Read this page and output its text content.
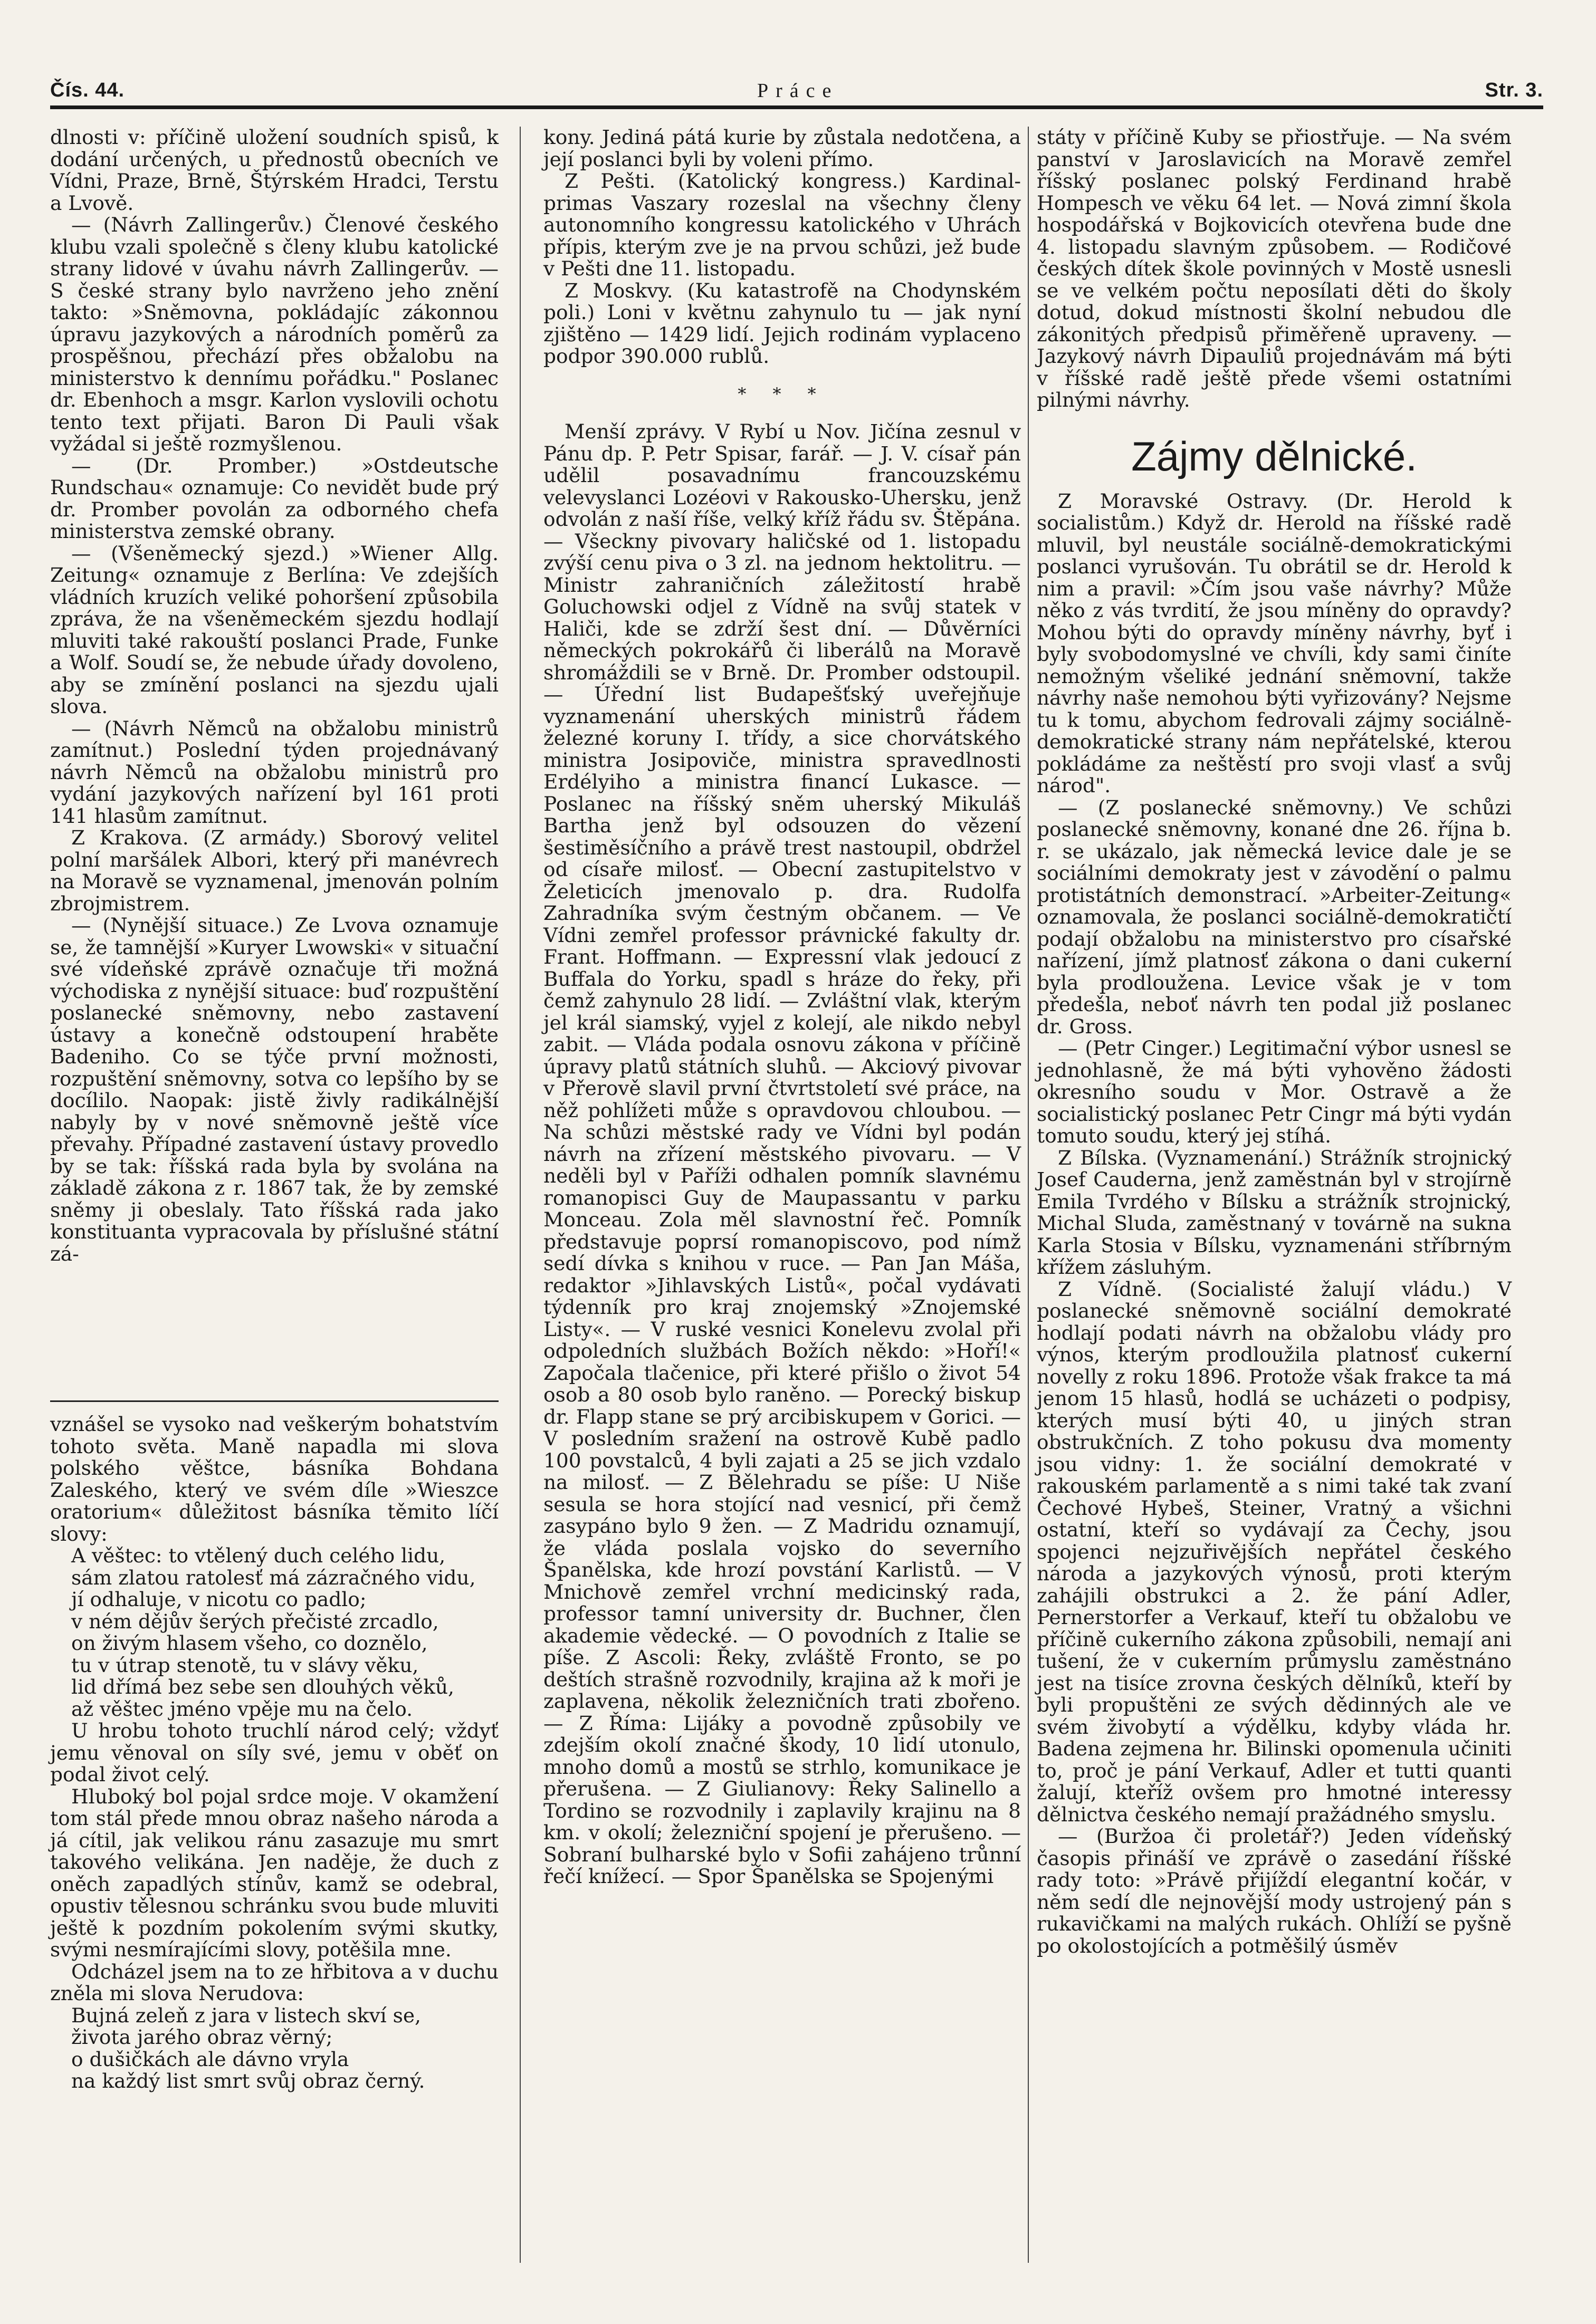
Čís. 44.	Práce	Str. 3.

dlnosti v: příčině uložení soudních spisů, k dodání určených, u přednostů obecních ve Vídni, Praze, Brně, Štýrském Hradci, Terstu a Lvově.

— (Návrh Zallingerův.) Členové českého klubu vzali společně s členy klubu katolické strany lidové v úvahu návrh Zallingerův. — S české strany bylo navrženo jeho znění takto: »Sněmovna, pokládajíc zákonnou úpravu jazykových a národních poměrů za prospěšnou, přechází přes obžalobu na ministerstvo k dennímu pořádku." Poslanec dr. Ebenhoch a msgr. Karlon vyslovili ochotu tento text přijati. Baron Di Pauli však vyžádal si ještě rozmyšlenou.

— (Dr. Promber.) »Ostdeutsche Rundschau« oznamuje: Co nevidět bude prý dr. Promber povolán za odborného chefa ministerstva zemské obrany.

— (Všeněmecký sjezd.) »Wiener Allg. Zeitung« oznamuje z Berlína: Ve zdejších vládních kruzích veliké pohoršení způsobila zpráva, že na všeněmeckém sjezdu hodlají mluviti také rakouští poslanci Prade, Funke a Wolf. Soudí se, že nebude úřady dovoleno, aby se zmínění poslanci na sjezdu ujali slova.

— (Návrh Němců na obžalobu ministrů zamítnut.) Poslední týden projednávaný návrh Němců na obžalobu ministrů pro vydání jazykových nařízení byl 161 proti 141 hlasům zamítnut.

Z Krakova. (Z armády.) Sborový velitel polní maršálek Albori, který při manévrech na Moravě se vyznamenal, jmenován polním zbrojmistrem.

— (Nynější situace.) Ze Lvova oznamuje se, že tamnější »Kuryer Lwowski« v situační své vídeňské zprávě označuje tři možná východiska z nynější situace: buď rozpuštění poslanecké sněmovny, nebo zastavení ústavy a konečně odstoupení hraběte Badeniho. Co se týče první možnosti, rozpuštění sněmovny, sotva co lepšího by se docílilo. Naopak: jistě živly radikálnější nabyly by v nové sněmovně ještě více převahy. Případné zastavení ústavy provedlo by se tak: říšská rada byla by svolána na základě zákona z r. 1867 tak, že by zemské sněmy ji obeslaly. Tato říšská rada jako konstituanta vypracovala by příslušné státní zá-

vznášel se vysoko nad veškerým bohatstvím tohoto světa. Maně napadla mi slova polského věštce, básníka Bohdana Zaleského, který ve svém díle »Wieszce oratorium« důležitost básníka těmito líčí slovy:

A věštec: to vtělený duch celého lidu,
sám zlatou ratolesť má zázračného vidu,
jí odhaluje, v nicotu co padlo;
v ném dějův šerých přečisté zrcadlo,
on živým hlasem všeho, co doznělo,
tu v útrap stenotě, tu v slávy věku,
lid dřímá bez sebe sen dlouhých věků,
až věštec jméno vpěje mu na čelo.

U hrobu tohoto truchlí národ celý; vždyť jemu věnoval on síly své, jemu v oběť on podal život celý.

Hluboký bol pojal srdce moje. V okamžení tom stál přede mnou obraz našeho národa a já cítil, jak velikou ránu zasazuje mu smrt takového velikána. Jen naděje, že duch z oněch zapadlých stínův, kamž se odebral, opustiv tělesnou schránku svou bude mluviti ještě k pozdním pokolením svými skutky, svými nesmírajícími slovy, potěšila mne.

Odcházel jsem na to ze hřbitova a v duchu zněla mi slova Nerudova:

Bujná zeleň z jara v listech skví se,
života jarého obraz věrný;
o dušičkách ale dávno vryla
na každý list smrt svůj obraz černý.

kony. Jediná pátá kurie by zůstala nedotčena, a její poslanci byli by voleni přímo.

Z Pešti. (Katolický kongress.) Kardinal-primas Vaszary rozeslal na všechny členy autonomního kongressu katolického v Uhrách přípis, kterým zve je na prvou schůzi, jež bude v Pešti dne 11. listopadu.

Z Moskvy. (Ku katastrofě na Chodynském poli.) Loni v květnu zahynulo tu — jak nyní zjištěno — 1429 lidí. Jejich rodinám vyplaceno podpor 390.000 rublů.

* * *

Menší zprávy. V Rybí u Nov. Jičína zesnul v Pánu dp. P. Petr Spisar, farář. — J. V. císař pán udělil posavadnímu francouzskému velevyslanci Lozéovi v Rakousko-Uhersku, jenž odvolán z naší říše, velký kříž řádu sv. Štěpána. — Všeckny pivovary haličské od 1. listopadu zvýší cenu piva o 3 zl. na jednom hektolitru. — Ministr zahraničních záležitostí hrabě Goluchowski odjel z Vídně na svůj statek v Haliči, kde se zdrží šest dní. — Důvěrníci německých pokrokářů či liberálů na Moravě shromáždili se v Brně. Dr. Promber odstoupil. — Úřední list Budapešťský uveřejňuje vyznamenání uherských ministrů řádem železné koruny I. třídy, a sice chorvátského ministra Josipoviče, ministra spravedlnosti Erdélyiho a ministra financí Lukasce. — Poslanec na říšský sněm uherský Mikuláš Bartha jenž byl odsouzen do vězení šestiměsíčního a právě trest nastoupil, obdržel od císaře milosť. — Obecní zastupitelstvo v Želeticích jmenovalo p. dra. Rudolfa Zahradníka svým čestným občanem. — Ve Vídni zemřel professor právnické fakulty dr. Frant. Hoffmann. — Expressní vlak jedoucí z Buffala do Yorku, spadl s hráze do řeky, při čemž zahynulo 28 lidí. — Zvláštní vlak, kterým jel král siamský, vyjel z kolejí, ale nikdo nebyl zabit. — Vláda podala osnovu zákona v příčině úpravy platů státních sluhů. — Akciový pivovar v Přerově slavil první čtvrtstoletí své práce, na něž pohlížeti může s opravdovou chloubou. — Na schůzi městské rady ve Vídni byl podán návrh na zřízení městského pivovaru. — V neděli byl v Paříži odhalen pomník slavnému romanopisci Guy de Maupassantu v parku Monceau. Zola měl slavnostní řeč. Pomník představuje poprsí romanopiscovo, pod nímž sedí dívka s knihou v ruce. — Pan Jan Máša, redaktor »Jihlavských Listů«, počal vydávati týdenník pro kraj znojemský »Znojemské Listy«. — V ruské vesnici Konelevu zvolal při odpoledních službách Božích někdo: »Hoří!« Započala tlačenice, při které přišlo o život 54 osob a 80 osob bylo raněno. — Porecký biskup dr. Flapp stane se prý arcibiskupem v Gorici. — V posledním sražení na ostrově Kubě padlo 100 povstalců, 4 byli zajati a 25 se jich vzdalo na milosť. — Z Bělehradu se píše: U Niše sesula se hora stojící nad vesnicí, při čemž zasypáno bylo 9 žen. — Z Madridu oznamují, že vláda poslala vojsko do severního Španělska, kde hrozí povstání Karlistů. — V Mnichově zemřel vrchní medicinský rada, professor tamní university dr. Buchner, člen akademie vědecké. — O povodních z Italie se píše. Z Ascoli: Řeky, zvláště Fronto, se po deštích strašně rozvodnily, krajina až k moři je zaplavena, několik železničních trati zbořeno. — Z Říma: Lijáky a povodně způsobily ve zdejším okolí značné škody, 10 lidí utonulo, mnoho domů a mostů se strhlo, komunikace je přerušena. — Z Giulianovy: Řeky Salinello a Tordino se rozvodnily i zaplavily krajinu na 8 km. v okolí; železniční spojení je přerušeno. — Sobraní bulharské bylo v Sofii zahájeno trůnní řečí knížecí. — Spor Španělska se Spojenými

státy v příčině Kuby se přiostřuje. — Na svém panství v Jaroslavicích na Moravě zemřel říšský poslanec polský Ferdinand hrabě Hompesch ve věku 64 let. — Nová zimní škola hospodářská v Bojkovicích otevřena bude dne 4. listopadu slavným způsobem. — Rodičové českých dítek škole povinných v Mostě usnesli se ve velkém počtu neposílati děti do školy dotud, dokud místnosti školní nebudou dle zákonitých předpisů přiměřeně upraveny. — Jazykový návrh Dipauliů projednávám má býti v říšské radě ještě přede všemi ostatními pilnými návrhy.

Zájmy dělnické.

Z Moravské Ostravy. (Dr. Herold k socialistům.) Když dr. Herold na říšské radě mluvil, byl neustále sociálně-demokratickými poslanci vyrušován. Tu obrátil se dr. Herold k nim a pravil: »Čím jsou vaše návrhy? Může něko z vás tvrdití, že jsou míněny do opravdy? Mohou býti do opravdy míněny návrhy, byť i byly svobodomyslné ve chvíli, kdy sami činíte nemožným všeliké jednání sněmovní, takže návrhy naše nemohou býti vyřizovány? Nejsme tu k tomu, abychom fedrovali zájmy sociálně-demokratické strany nám nepřátelské, kterou pokládáme za neštěstí pro svoji vlasť a svůj národ".

— (Z poslanecké sněmovny.) Ve schůzi poslanecké sněmovny, konané dne 26. října b. r. se ukázalo, jak německá levice dale je se sociálními demokraty jest v závodění o palmu protistátních demonstrací. »Arbeiter-Zeitung« oznamovala, že poslanci sociálně-demokratičtí podají obžalobu na ministerstvo pro císařské nařízení, jímž platnosť zákona o dani cukerní byla prodloužena. Levice však je v tom předešla, neboť návrh ten podal již poslanec dr. Gross.

— (Petr Cinger.) Legitimační výbor usnesl se jednohlasně, že má býti vyhověno žádosti okresního soudu v Mor. Ostravě a že socialistický poslanec Petr Cingr má býti vydán tomuto soudu, který jej stíhá.

Z Bílska. (Vyznamenání.) Strážník strojnický Josef Cauderna, jenž zaměstnán byl v strojírně Emila Tvrdého v Bílsku a strážník strojnický, Michal Sluda, zaměstnaný v továrně na sukna Karla Stosia v Bílsku, vyznamenáni stříbrným křížem zásluhým.

Z Vídně. (Socialisté žalují vládu.) V poslanecké sněmovně sociální demokraté hodlají podati návrh na obžalobu vlády pro výnos, kterým prodloužila platnosť cukerní novelly z roku 1896. Protože však frakce ta má jenom 15 hlasů, hodlá se ucházeti o podpisy, kterých musí býti 40, u jiných stran obstrukčních. Z toho pokusu dva momenty jsou vidny: 1. že sociální demokraté v rakouském parlamentě a s nimi také tak zvaní Čechové Hybeš, Steiner, Vratný a všichni ostatní, kteří so vydávají za Čechy, jsou spojenci nejzuřivějších nepřátel českého národa a jazykových výnosů, proti kterým zahájili obstrukci a 2. že pání Adler, Pernerstorfer a Verkauf, kteří tu obžalobu ve příčině cukerního zákona způsobili, nemají ani tušení, že v cukerním průmyslu zaměstnáno jest na tisíce zrovna českých dělníků, kteří by byli propuštěni ze svých dědinných ale ve svém živobytí a výdělku, kdyby vláda hr. Badena zejmena hr. Bilinski opomenula učiniti to, proč je pání Verkauf, Adler et tutti quanti žalují, kteříž ovšem pro hmotné interessy dělnictva českého nemají pražádného smyslu.

— (Buržoa či proletář?) Jeden vídeňský časopis přináší ve zprávě o zasedání říšské rady toto: »Právě přijíždí elegantní kočár, v něm sedí dle nejnovější mody ustrojený pán s rukavičkami na malých rukách. Ohlíží se pyšně po okolostojících a potměšilý úsměv
